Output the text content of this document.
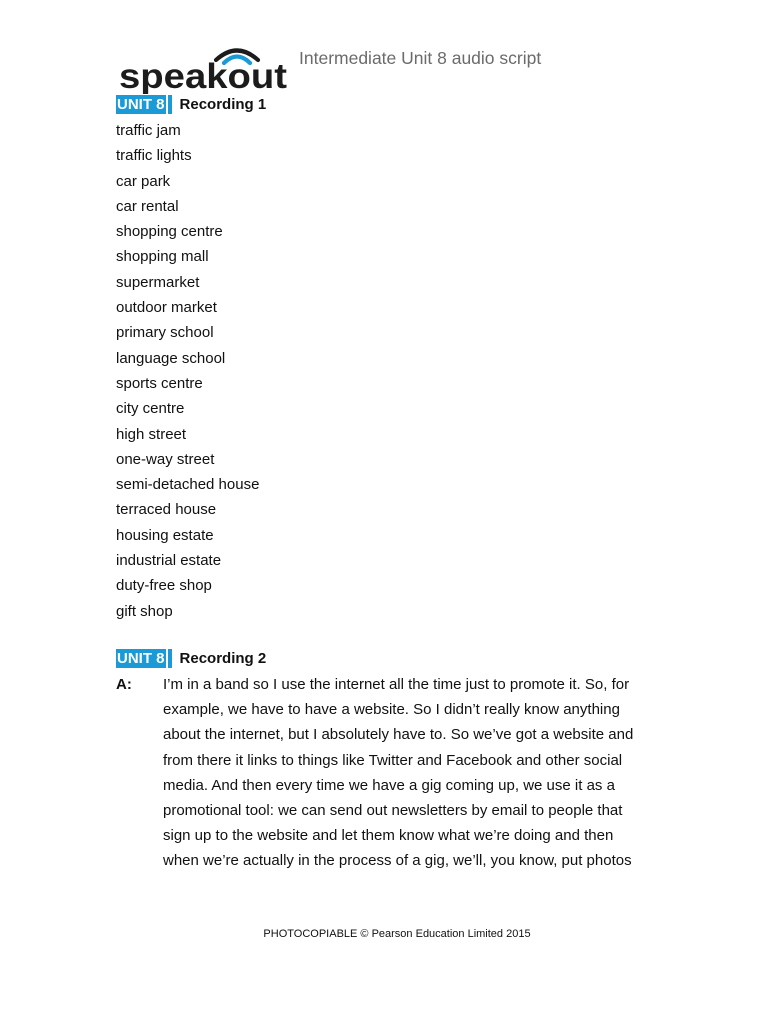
speakout Intermediate Unit 8 audio script
UNIT 8 Recording 1
traffic jam
traffic lights
car park
car rental
shopping centre
shopping mall
supermarket
outdoor market
primary school
language school
sports centre
city centre
high street
one-way street
semi-detached house
terraced house
housing estate
industrial estate
duty-free shop
gift shop
UNIT 8 Recording 2
A: I’m in a band so I use the internet all the time just to promote it. So, for
example, we have to have a website. So I didn’t really know anything
about the internet, but I absolutely have to. So we’ve got a website and
from there it links to things like Twitter and Facebook and other social
media. And then every time we have a gig coming up, we use it as a
promotional tool: we can send out newsletters by email to people that
sign up to the website and let them know what we’re doing and then
when we’re actually in the process of a gig, we’ll, you know, put photos

PHOTOCOPIABLE © Pearson Education Limited 2015
